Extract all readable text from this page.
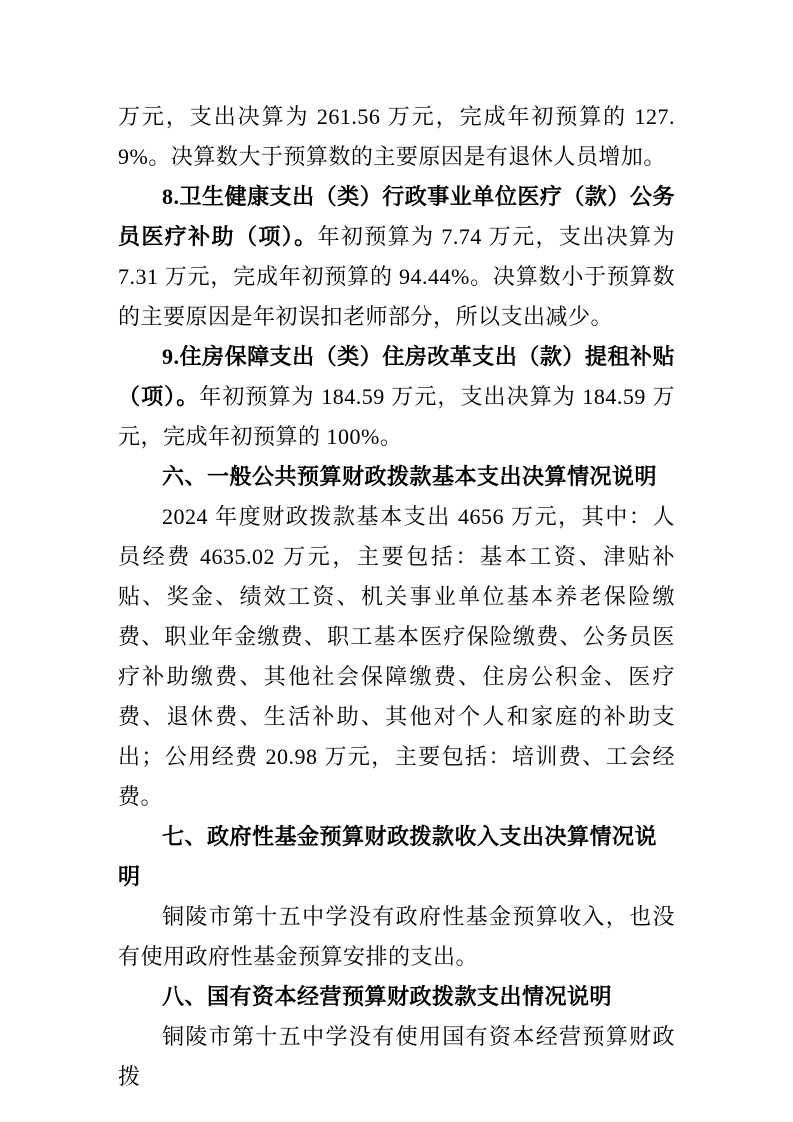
万元，支出决算为 261.56 万元，完成年初预算的 127.9%。决算数大于预算数的主要原因是有退休人员增加。

8.卫生健康支出（类）行政事业单位医疗（款）公务员医疗补助（项）。年初预算为 7.74 万元，支出决算为 7.31 万元，完成年初预算的 94.44%。决算数小于预算数的主要原因是年初误扣老师部分，所以支出减少。

9.住房保障支出（类）住房改革支出（款）提租补贴（项）。年初预算为 184.59 万元，支出决算为 184.59 万元，完成年初预算的 100%。

六、一般公共预算财政拨款基本支出决算情况说明

2024 年度财政拨款基本支出 4656 万元，其中：人员经费 4635.02 万元，主要包括：基本工资、津贴补贴、奖金、绩效工资、机关事业单位基本养老保险缴费、职业年金缴费、职工基本医疗保险缴费、公务员医疗补助缴费、其他社会保障缴费、住房公积金、医疗费、退休费、生活补助、其他对个人和家庭的补助支出；公用经费 20.98 万元，主要包括：培训费、工会经费。

七、政府性基金预算财政拨款收入支出决算情况说明

铜陵市第十五中学没有政府性基金预算收入，也没有使用政府性基金预算安排的支出。

八、国有资本经营预算财政拨款支出情况说明

铜陵市第十五中学没有使用国有资本经营预算财政拨
